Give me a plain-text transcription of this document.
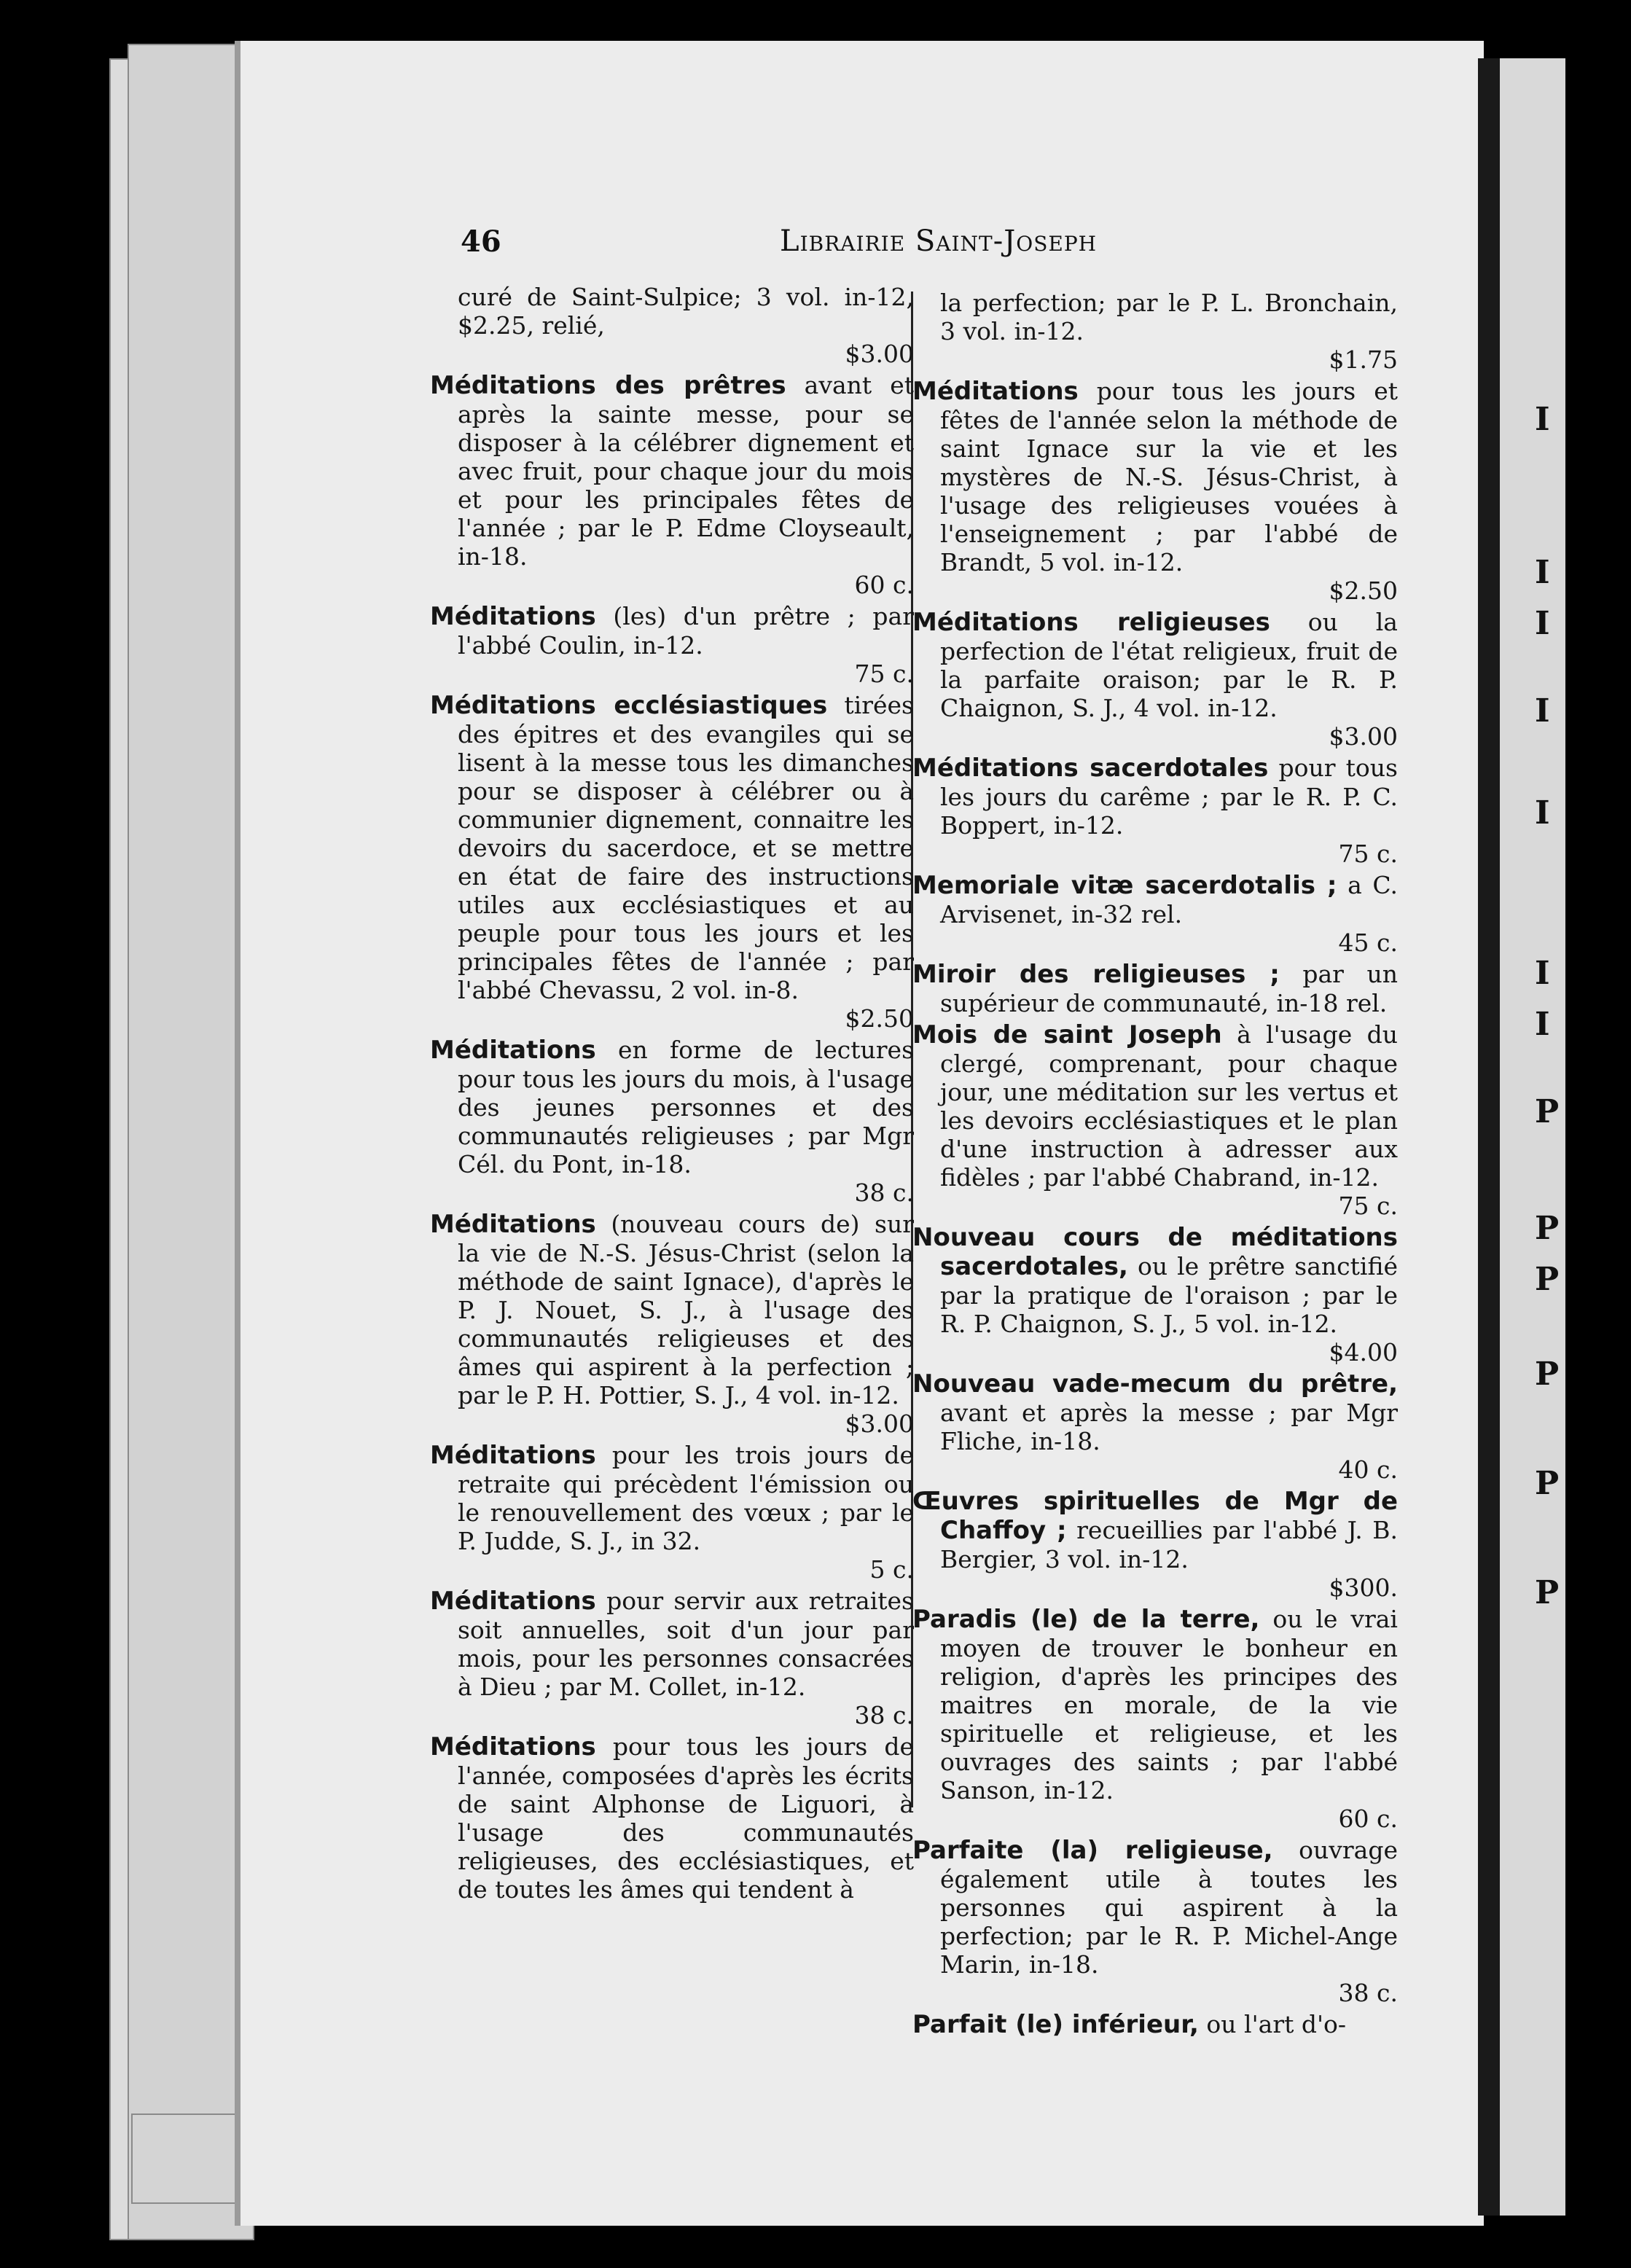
I
I
I
I
I
I
I
P
P
P
P
P
P
46	Librairie Saint-Joseph
curé de Saint-Sulpice; 3 vol. in-12, $2.25, relié,
$3.00
Méditations des prêtres avant et après la sainte messe, pour se disposer à la célébrer dignement et avec fruit, pour chaque jour du mois et pour les principales fêtes de l'année ; par le P. Edme Cloyseault, in-18.
60 c.
Méditations (les) d'un prêtre ; par l'abbé Coulin, in-12.
75 c.
Méditations ecclésiastiques tirées des épitres et des evangiles qui se lisent à la messe tous les dimanches pour se disposer à célébrer ou à communier dignement, connaitre les devoirs du sacerdoce, et se mettre en état de faire des instructions utiles aux ecclésiastiques et au peuple pour tous les jours et les principales fêtes de l'année ; par l'abbé Chevassu, 2 vol. in-8.
$2.50
Méditations en forme de lectures pour tous les jours du mois, à l'usage des jeunes personnes et des communautés religieuses ; par Mgr Cél. du Pont, in-18.
38 c.
Méditations (nouveau cours de) sur la vie de N.-S. Jésus-Christ (selon la méthode de saint Ignace), d'après le P. J. Nouet, S. J., à l'usage des communautés religieuses et des âmes qui aspirent à la perfection ; par le P. H. Pottier, S. J., 4 vol. in-12.
$3.00
Méditations pour les trois jours de retraite qui précèdent l'émission ou le renouvellement des vœux ; par le P. Judde, S. J., in 32.
5 c.
Méditations pour servir aux retraites soit annuelles, soit d'un jour par mois, pour les personnes consacrées à Dieu ; par M. Collet, in-12.
38 c.
Méditations pour tous les jours de l'année, composées d'après les écrits de saint Alphonse de Liguori, à l'usage des communautés religieuses, des ecclésiastiques, et de toutes les âmes qui tendent à
la perfection; par le P. L. Bronchain, 3 vol. in-12.
$1.75
Méditations pour tous les jours et fêtes de l'année selon la méthode de saint Ignace sur la vie et les mystères de N.-S. Jésus-Christ, à l'usage des religieuses vouées à l'enseignement ; par l'abbé de Brandt, 5 vol. in-12.
$2.50
Méditations religieuses ou la perfection de l'état religieux, fruit de la parfaite oraison; par le R. P. Chaignon, S. J., 4 vol. in-12.
$3.00
Méditations sacerdotales pour tous les jours du carême ; par le R. P. C. Boppert, in-12.
75 c.
Memoriale vitæ sacerdotalis ; a C. Arvisenet, in-32 rel.
45 c.
Miroir des religieuses ; par un supérieur de communauté, in-18 rel.
Mois de saint Joseph à l'usage du clergé, comprenant, pour chaque jour, une méditation sur les vertus et les devoirs ecclésiastiques et le plan d'une instruction à adresser aux fidèles ; par l'abbé Chabrand, in-12.
75 c.
Nouveau cours de méditations sacerdotales, ou le prêtre sanctifié par la pratique de l'oraison ; par le R. P. Chaignon, S. J., 5 vol. in-12.
$4.00
Nouveau vade-mecum du prêtre, avant et après la messe ; par Mgr Fliche, in-18.
40 c.
Œuvres spirituelles de Mgr de Chaffoy ; recueillies par l'abbé J. B. Bergier, 3 vol. in-12.
$300.
Paradis (le) de la terre, ou le vrai moyen de trouver le bonheur en religion, d'après les principes des maitres en morale, de la vie spirituelle et religieuse, et les ouvrages des saints ; par l'abbé Sanson, in-12.
60 c.
Parfaite (la) religieuse, ouvrage également utile à toutes les personnes qui aspirent à la perfection; par le R. P. Michel-Ange Marin, in-18.
38 c.
Parfait (le) inférieur, ou l'art d'o-
